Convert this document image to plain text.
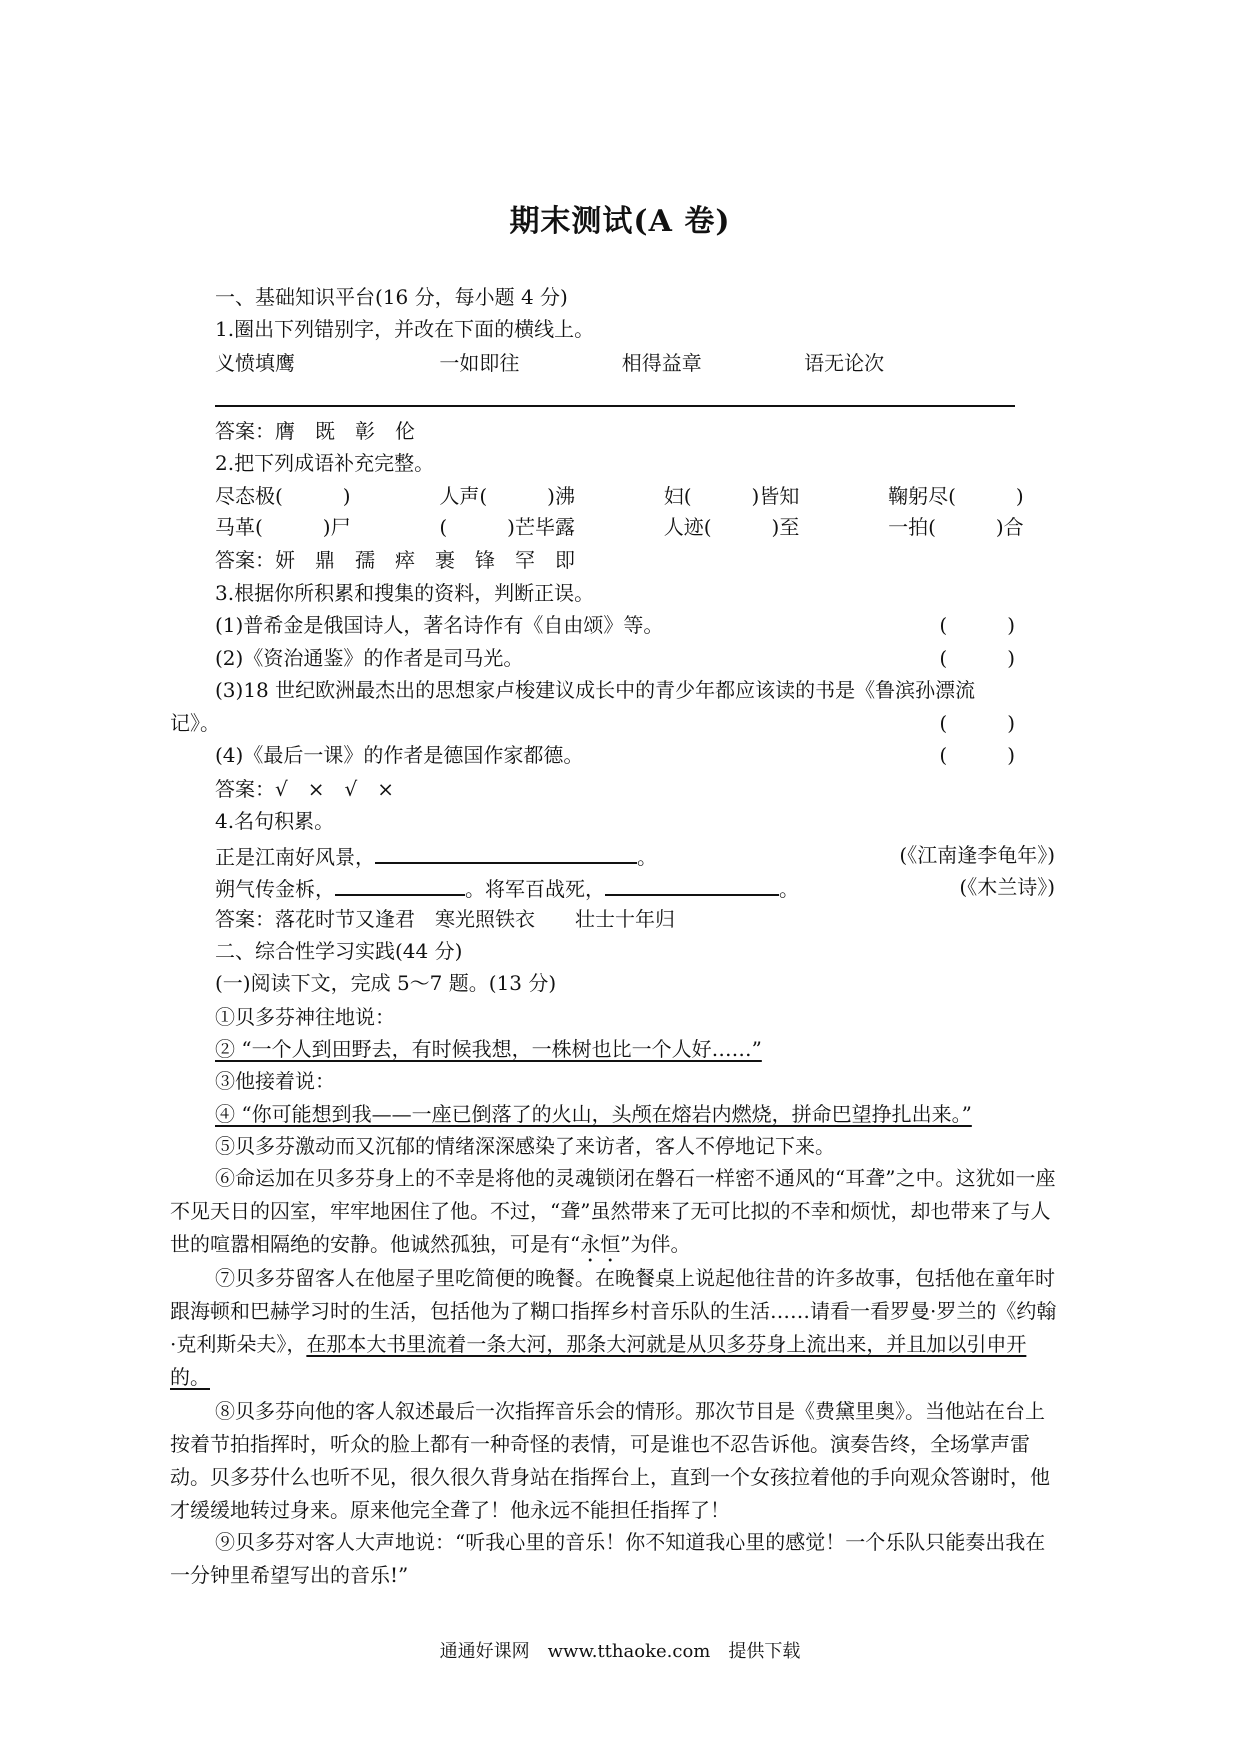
期末测试(A 卷)
一、基础知识平台(16 分，每小题 4 分)
1.圈出下列错别字，并改在下面的横线上。
义愤填鹰	一如即往	相得益章	语无论次
答案：膺　既　彰　伦
2.把下列成语补充完整。
尽态极(　　　)	人声(　　　)沸	妇(　　　)皆知	鞠躬尽(　　　)
马革(　　　)尸	(　　　)芒毕露	人迹(　　　)至	一拍(　　　)合
答案：妍　鼎　孺　瘁　裹　锋　罕　即
3.根据你所积累和搜集的资料，判断正误。
(1)普希金是俄国诗人，著名诗作有《自由颂》等。	(　　　)
(2)《资治通鉴》的作者是司马光。	(　　　)
(3)18 世纪欧洲最杰出的思想家卢梭建议成长中的青少年都应该读的书是《鲁滨孙漂流
记》。	(　　　)
(4)《最后一课》的作者是德国作家都德。	(　　　)
答案：√　×　√　×
4.名句积累。
正是江南好风景，	。	(《江南逢李龟年》)
朔气传金柝，	。将军百战死，	。	(《木兰诗》)
答案：落花时节又逢君　寒光照铁衣　　壮士十年归
二、综合性学习实践(44 分)
(一)阅读下文，完成 5～7 题。(13 分)
①贝多芬神往地说：
② “一个人到田野去，有时候我想，一株树也比一个人好……”
③他接着说：
④ “你可能想到我——一座已倒落了的火山，头颅在熔岩内燃烧，拼命巴望挣扎出来。”
⑤贝多芬激动而又沉郁的情绪深深感染了来访者，客人不停地记下来。
⑥命运加在贝多芬身上的不幸是将他的灵魂锁闭在磐石一样密不通风的“耳聋”之中。这犹如一座不见天日的囚室，牢牢地困住了他。不过，“聋”虽然带来了无可比拟的不幸和烦忧，却也带来了与人世的喧嚣相隔绝的安静。他诚然孤独，可是有“永恒”为伴。
⑦贝多芬留客人在他屋子里吃简便的晚餐。在晚餐桌上说起他往昔的许多故事，包括他在童年时跟海顿和巴赫学习时的生活，包括他为了糊口指挥乡村音乐队的生活……请看一看罗曼·罗兰的《约翰·克利斯朵夫》，在那本大书里流着一条大河，那条大河就是从贝多芬身上流出来，并且加以引申开的。
⑧贝多芬向他的客人叙述最后一次指挥音乐会的情形。那次节目是《费黛里奥》。当他站在台上按着节拍指挥时，听众的脸上都有一种奇怪的表情，可是谁也不忍告诉他。演奏告终，全场掌声雷动。贝多芬什么也听不见，很久很久背身站在指挥台上，直到一个女孩拉着他的手向观众答谢时，他才缓缓地转过身来。原来他完全聋了！他永远不能担任指挥了！
⑨贝多芬对客人大声地说：“听我心里的音乐！你不知道我心里的感觉！一个乐队只能奏出我在一分钟里希望写出的音乐!”
通通好课网　www.tthaoke.com　提供下载
